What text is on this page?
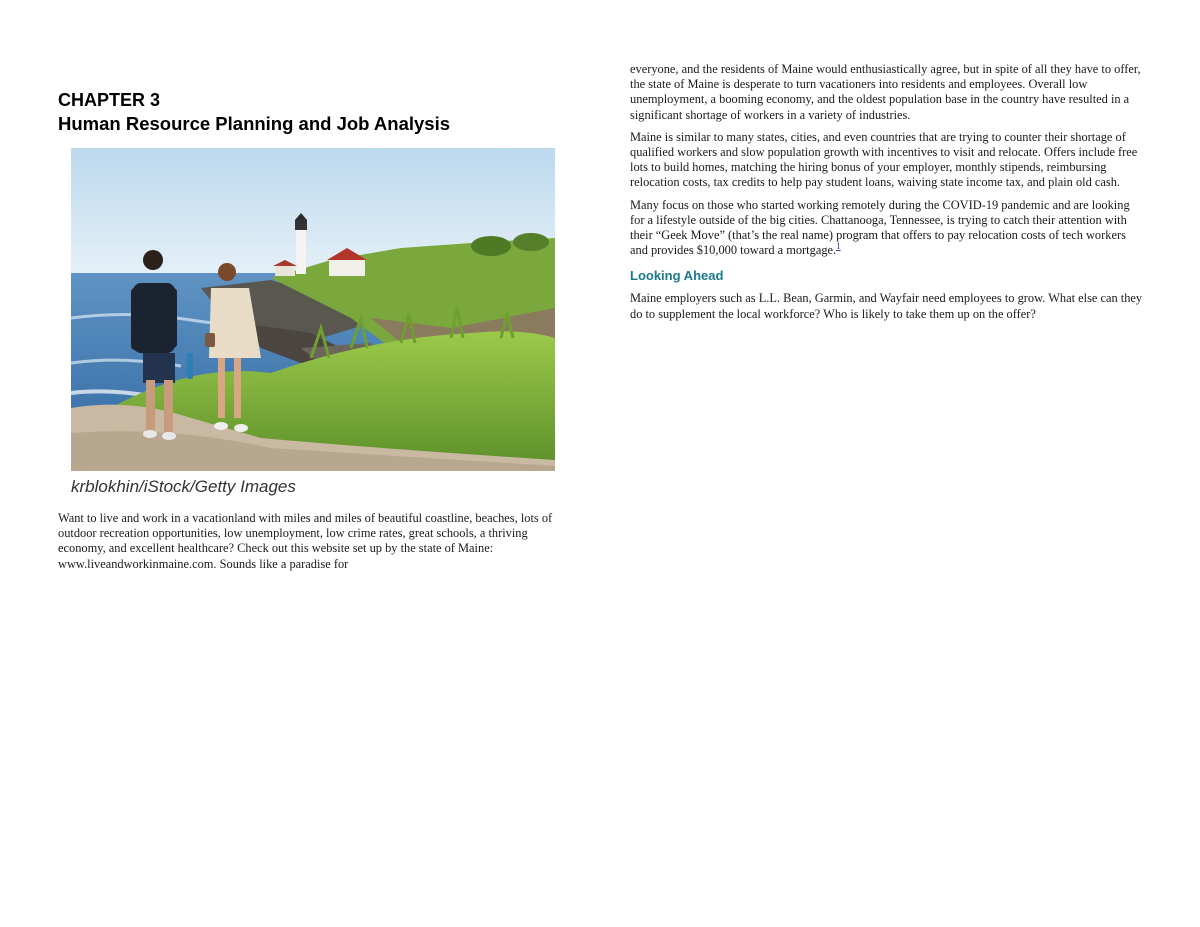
CHAPTER 3
Human Resource Planning and Job Analysis
krblokhin/iStock/Getty Images

Want to live and work in a vacationland with miles and miles of beautiful coastline, beaches, lots of outdoor recreation opportunities, low unemployment, low crime rates, great schools, a thriving economy, and excellent healthcare? Check out this website set up by the state of Maine: www.liveandworkinmaine.com. Sounds like a paradise for

everyone, and the residents of Maine would enthusiastically agree, but in spite of all they have to offer, the state of Maine is desperate to turn vacationers into residents and employees. Overall low unemployment, a booming economy, and the oldest population base in the country have resulted in a significant shortage of workers in a variety of industries.

Maine is similar to many states, cities, and even countries that are trying to counter their shortage of qualified workers and slow population growth with incentives to visit and relocate. Offers include free lots to build homes, matching the hiring bonus of your employer, monthly stipends, reimbursing relocation costs, tax credits to help pay student loans, waiving state income tax, and plain old cash.

Many focus on those who started working remotely during the COVID-19 pandemic and are looking for a lifestyle outside of the big cities. Chattanooga, Tennessee, is trying to catch their attention with their “Geek Move” (that’s the real name) program that offers to pay relocation costs of tech workers and provides $10,000 toward a mortgage.$^1$

Looking Ahead

Maine employers such as L.L. Bean, Garmin, and Wayfair need employees to grow. What else can they do to supplement the local workforce? Who is likely to take them up on the offer?
